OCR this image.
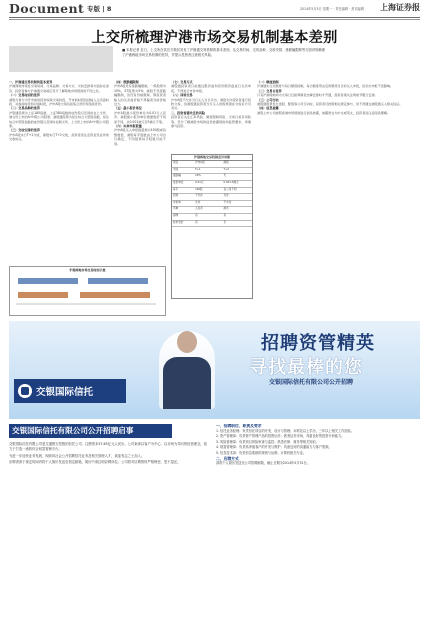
Document 专版 | 8	2014年5月5日 星期一 · 责任编辑 · 美术编辑 上海证券报
上交所梳理沪港市场交易机制基本差别
■ 本报记者 近日，上交所在其官方微信发布了沪港通交易机制的基本差别，从交易时间、交易品种、交收安排、涨跌幅限制等方面详细梳理了沪港两地市场交易机制的差异，并提示投资者注意相关风险。
一、沪港通交易机制的基本差异

沪港两地市场在交易时间、交易品种、交易方式、交收安排等方面存在差异，投资者参与沪港通交易前应充分了解两地市场规则的不同之处。

（一）交易时间的差异

港股交易分为开市前时段和持续交易时段，开市前时段包括输入买卖盘时段、对盘前时段和对盘时段，沪市A股交易包括集合竞价和连续竞价。

（二）交易品种的差异

沪股通股票为上证180指数、上证380指数的成份股以及同时在上交所、港交所上市的A+H股公司股票；港股通股票为恒生综合大型股指数、恒生综合中型股指数的成份股以及同时在联交所、上交所上市的A+H股公司股票。

（三）交收安排的差异

沪市A股实行T+1交收，港股实行T+2交收，投资者需注意资金及证券的交收时点。

（四）涨跌幅限制

沪市A股设有涨跌幅限制，一般股票为10%，ST股票为5%；港股不设涨跌幅限制，但设有价格限制，即投资者输入的买卖盘价格不得偏离当前价格过大。

（五）最小报价单位

沪市A股最小报价单位为0.01元人民币；港股最小报价单位根据股价不同而不同，从0.001港元至5港元不等。

（六）买卖申报数量

沪市A股买入申报数量须为100股或其整数倍，港股每手股数由上市公司自行确定，不同股票每手股数可能不同。

（七）交易方式

港股通投资者只能通过限价盘和竞价限价盘进行买卖申报，不得进行市价申报。

（八）回转交易

沪市A股不允许当日买入当日卖出，港股允许投资者进行回转交易，但港股通投资者当日买入的股票须在交收后方可卖出。

二、投资者需关注的风险

投资者应关注汇率风险、额度限制风险、交易日差异风险等，充分了解港股市场的信息披露规则和监管要求，审慎参与投资。

（一）额度控制

沪港通实行总额度与每日额度控制，每日额度用完后将暂停当日的买入申报，但卖出申报不受影响。

（二）交易日差异

只有沪港两地均为交易日且能够满足结算安排时才开通，投资者须关注两地节假日安排。

（三）公司行动

港股通股票发生送股、配股等公司行动时，投资者可按照相关规定参与，但不得通过港股通买入相关权证。

（四）信息披露

港股上市公司按照香港市场规则进行信息披露，披露语言为中文或英文，投资者需注意阅读理解。

沪港两地交易机制差异对照
项目	沪市A股	港股
交收	T+1	T+2
涨跌幅	10%	无
报价单位	0.01元	0.001-5港元
每手	100股	各公司不同
回转	不允许	允许
市价单	允许	不允许
币种	人民币	港币
停牌	有	有
收市竞价	有	无
沪港两地市场交易时间示意
招聘资管精英
寻找最棒的您
交银国际信托有限公司公开招聘
交银国际信托
交银国际信托有限公司公开招聘启事

交银国际信托有限公司是交通银行控股的信托公司，注册资本57.65亿元人民币。公司秉承以客户为中心、以市场为导向的经营理念，致力于打造一流的综合财富管理平台。

为进一步加快业务发展，现面向社会公开招聘信托业务及相关管理人才，欢迎有志之士加入。

应聘者请于规定时间内将个人简历发送至指定邮箱，简历中请注明应聘岗位。公司将对应聘资料严格保密，恕不退还。

一、招聘职位、职责及要求

1. 信托业务经理：负责信托项目的开发、设计与管理；本科及以上学历，三年以上相关工作经验。

2. 资产管理岗：负责资产管理产品的投资运作；熟悉证券市场，具备良好的投资分析能力。

3. 风险管理岗：负责项目风险审查与监控；熟悉法律、财务等相关知识。

4. 财富管理岗：负责高净值客户的开发与维护；具备良好的沟通能力与客户资源。

5. 信息技术岗：负责信息系统的规划与运维；计算机相关专业。

二、应聘方式

请将个人简历发送至公司招聘邮箱，截止日期为2014年5月31日。
